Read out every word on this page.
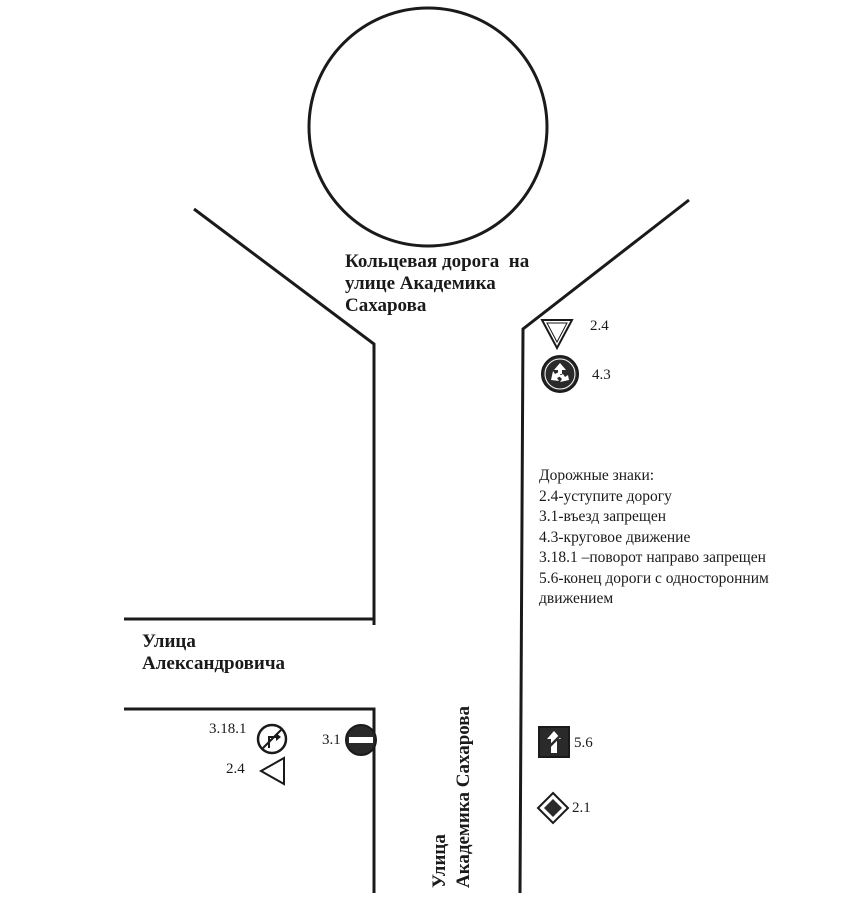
Кольцевая дорога  на
улице Академика
Сахарова
Улица
Александровича
Улица Академика Сахарова
Дорожные знаки:
2.4-уступите дорогу
3.1-въезд запрещен
4.3-круговое движение
3.18.1 –поворот направо запрещен
5.6-конец дороги с односторонним
движением
2.4
4.3
3.18.1
2.4
3.1	5.6
2.1
